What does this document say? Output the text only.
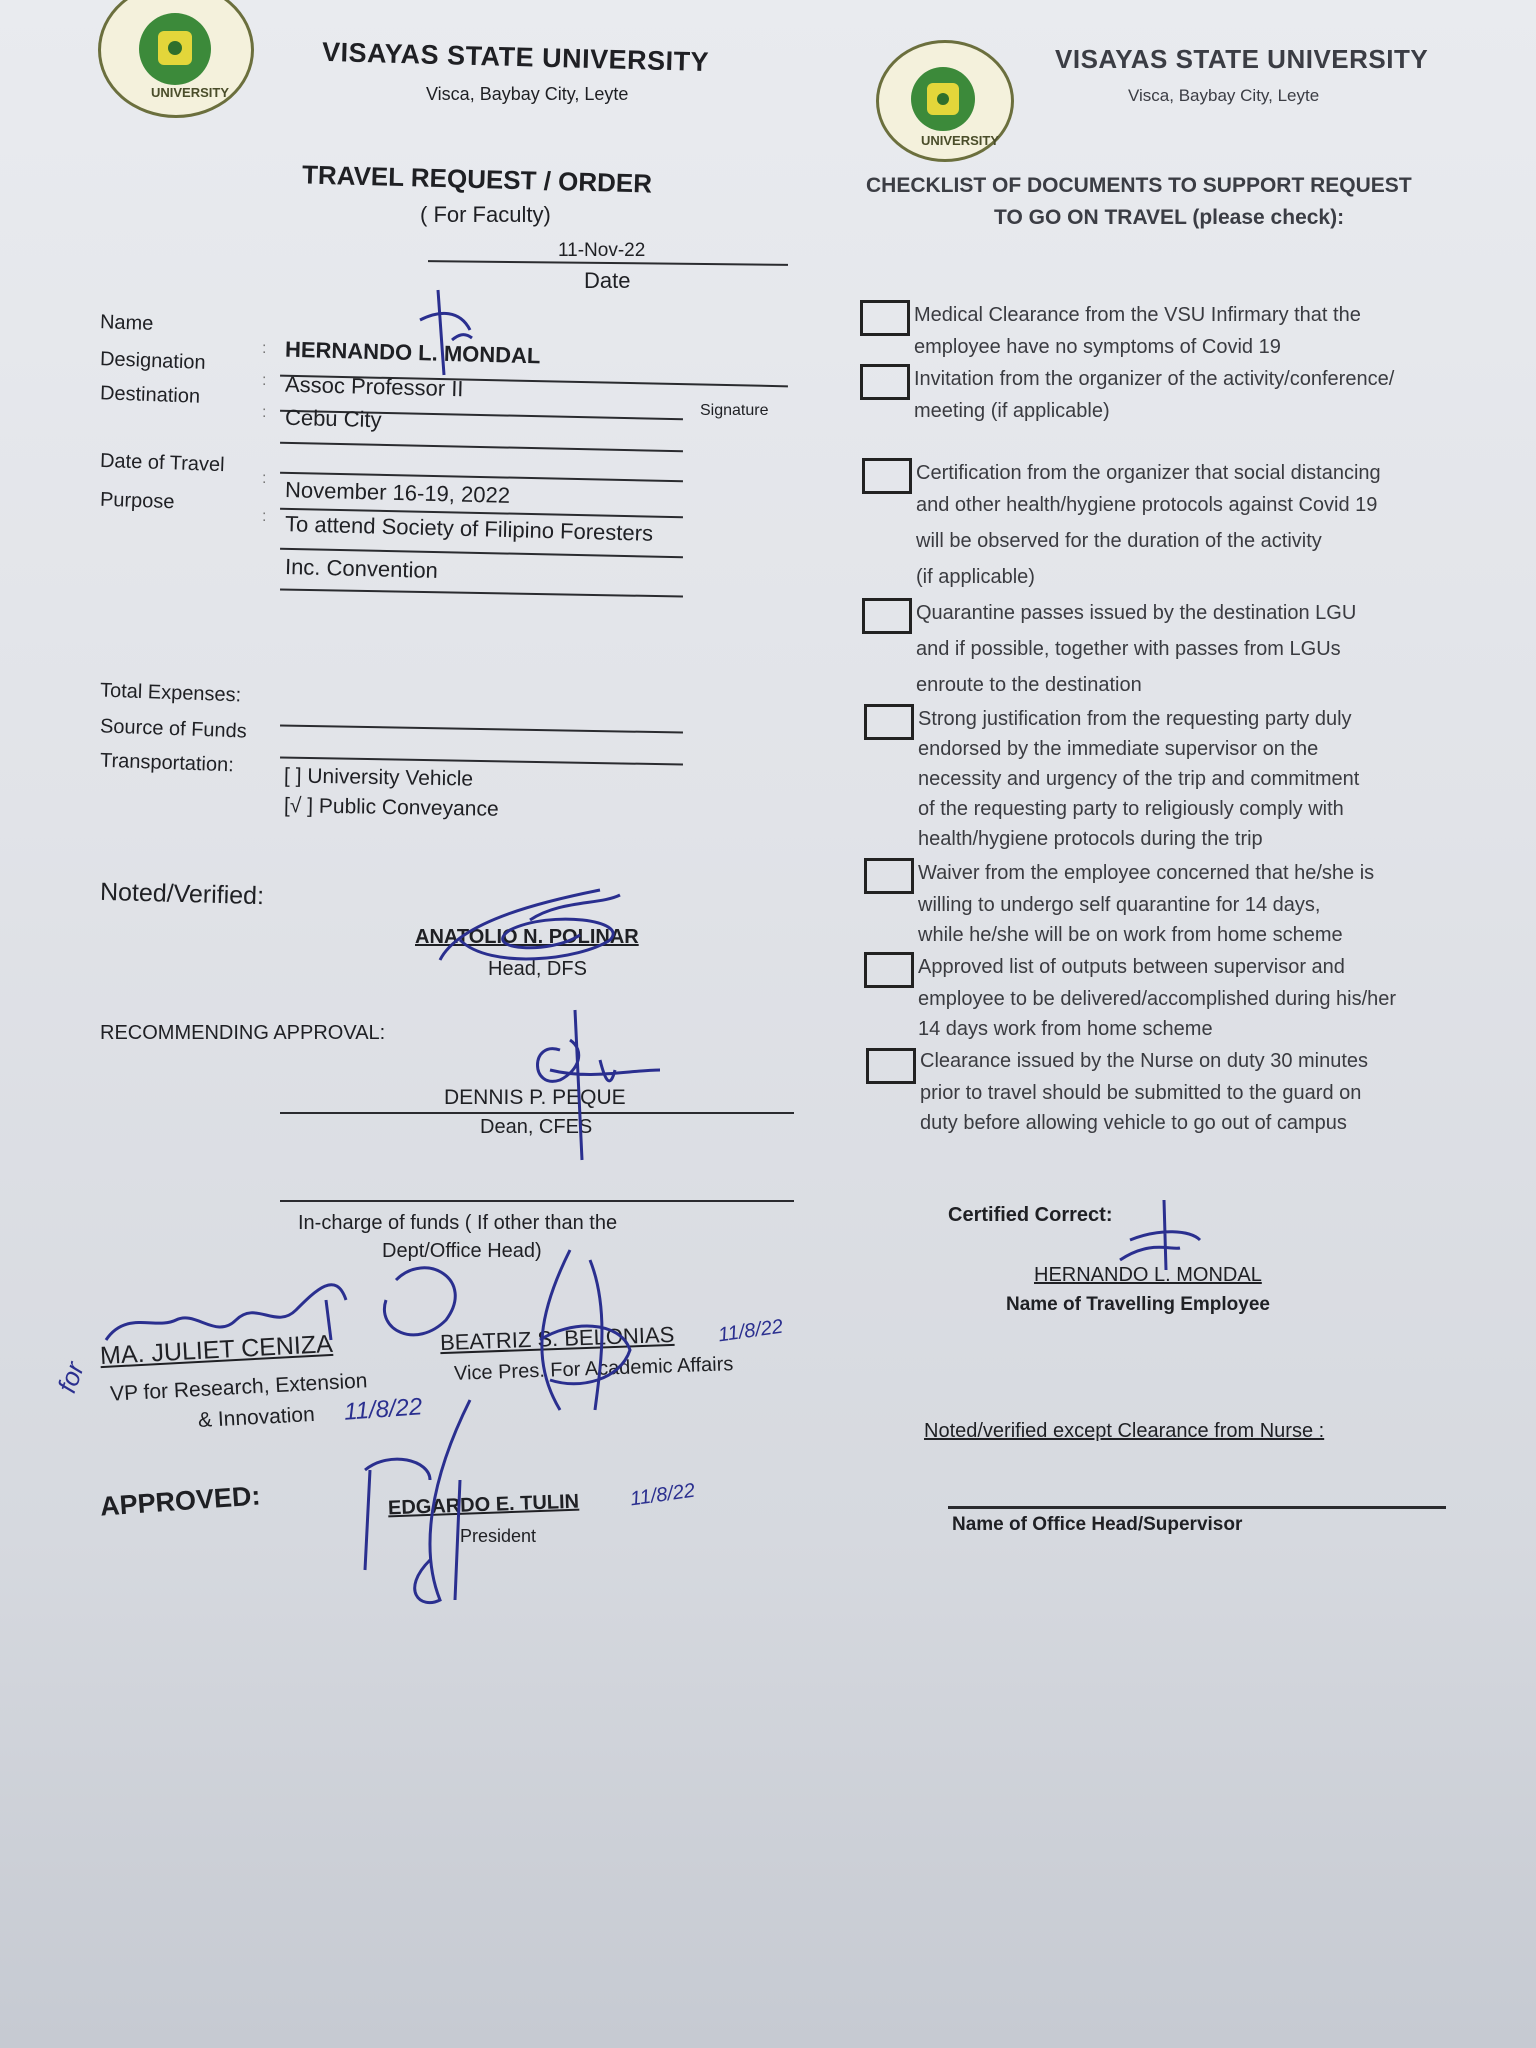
UNIVERSITY
VISAYAS STATE UNIVERSITY
Visca, Baybay City, Leyte
TRAVEL REQUEST / ORDER
( For Faculty)
11-Nov-22
Date
Name
Designation
Destination
Date of Travel
Purpose
:
:
:
:
:
HERNANDO L. MONDAL
Assoc Professor II
Signature
Cebu City
November 16-19, 2022
To attend Society of Filipino Foresters
Inc. Convention
Total Expenses:
Source of Funds
Transportation:
[ ] University Vehicle
[√ ] Public Conveyance
Noted/Verified:
ANATOLIO N. POLINAR
Head, DFS
RECOMMENDING APPROVAL:
DENNIS P. PEQUE
Dean, CFES
In-charge of funds ( If other than the
Dept/Office Head)
MA. JULIET CENIZA
VP for Research, Extension
& Innovation 11/8/22
BEATRIZ S. BELONIAS
Vice Pres. For Academic Affairs
11/8/22
APPROVED:	EDGARDO E. TULIN
President
11/8/22
for
UNIVERSITY
VISAYAS STATE UNIVERSITY
Visca, Baybay City, Leyte
CHECKLIST OF DOCUMENTS TO SUPPORT REQUEST
TO GO ON TRAVEL (please check):
Medical Clearance from the VSU Infirmary that the
employee have no symptoms of Covid 19
Invitation from the organizer of the activity/conference/
meeting (if applicable)
Certification from the organizer that social distancing
and other health/hygiene protocols against Covid 19
will be observed for the duration of the activity
(if applicable)
Quarantine passes issued by the destination LGU
and if possible, together with passes from LGUs
enroute to the destination
Strong justification from the requesting party duly
endorsed by the immediate supervisor on the
necessity and urgency of the trip and commitment
of the requesting party to religiously comply with
health/hygiene protocols during the trip
Waiver from the employee concerned that he/she is
willing to undergo self quarantine for 14 days,
while he/she will be on work from home scheme
Approved list of outputs between supervisor and
employee to be delivered/accomplished during his/her
14 days work from home scheme
Clearance issued by the Nurse on duty 30 minutes
prior to travel should be submitted to the guard on
duty before allowing vehicle to go out of campus
Certified Correct:
HERNANDO L. MONDAL
Name of Travelling Employee
Noted/verified except Clearance from Nurse :
Name of Office Head/Supervisor
